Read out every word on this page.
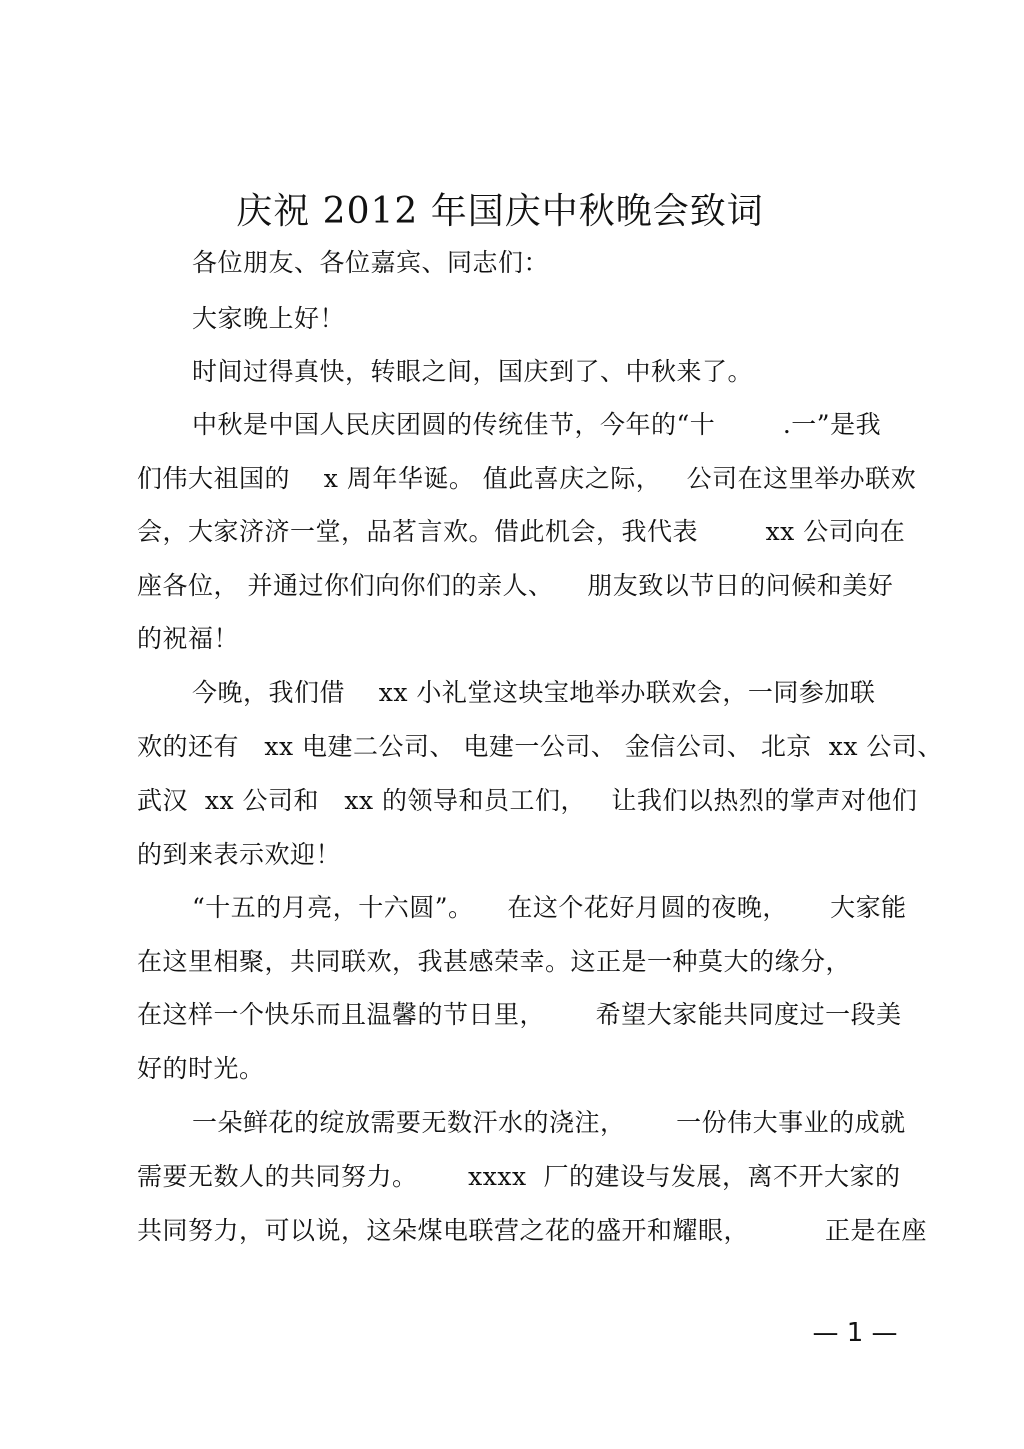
庆祝 2012 年国庆中秋晚会致词
各位朋友、各位嘉宾、同志们：
大家晚上好！
时间过得真快，转眼之间，国庆到了、中秋来了。
中秋是中国人民庆团圆的传统佳节，今年的“十        .一”是我
们伟大祖国的    x 周年华诞。 值此喜庆之际，   公司在这里举办联欢
会，大家济济一堂，品茗言欢。借此机会，我代表        xx 公司向在
座各位， 并通过你们向你们的亲人、    朋友致以节日的问候和美好
的祝福！
今晚，我们借    xx 小礼堂这块宝地举办联欢会，一同参加联
欢的还有   xx 电建二公司、 电建一公司、 金信公司、 北京  xx 公司、
武汉  xx 公司和   xx 的领导和员工们，   让我们以热烈的掌声对他们
的到来表示欢迎！
“十五的月亮，十六圆”。    在这个花好月圆的夜晚，     大家能
在这里相聚，共同联欢，我甚感荣幸。这正是一种莫大的缘分，
在这样一个快乐而且温馨的节日里，      希望大家能共同度过一段美
好的时光。
一朵鲜花的绽放需要无数汗水的浇注，      一份伟大事业的成就
需要无数人的共同努力。      xxxx  厂的建设与发展，离不开大家的
共同努力，可以说，这朵煤电联营之花的盛开和耀眼，         正是在座
— 1 —
